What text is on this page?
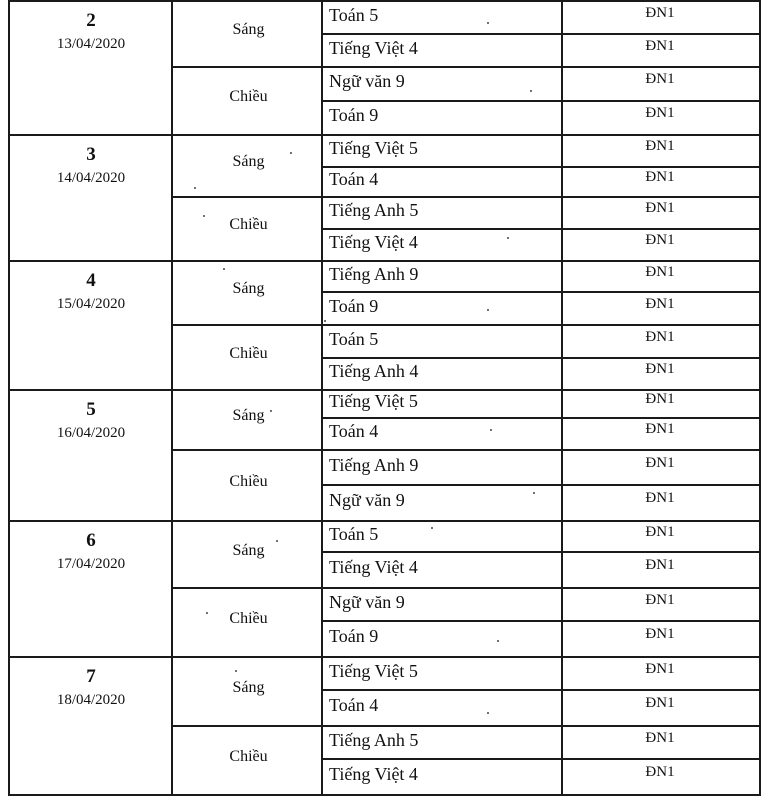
2
13/04/2020
Sáng
Toán 5	ĐN1
Tiếng Việt 4	ĐN1
Chiều
Ngữ văn 9	ĐN1
Toán 9	ĐN1
3
14/04/2020
Sáng
Tiếng Việt 5	ĐN1
Toán 4	ĐN1
Chiều
Tiếng Anh 5	ĐN1
Tiếng Việt 4	ĐN1
4
15/04/2020
Sáng
Tiếng Anh 9	ĐN1
Toán 9	ĐN1
Chiều
Toán 5	ĐN1
Tiếng Anh 4	ĐN1
5
16/04/2020
Sáng
Tiếng Việt 5	ĐN1
Toán 4	ĐN1
Chiều
Tiếng Anh 9	ĐN1
Ngữ văn 9	ĐN1
6
17/04/2020
Sáng
Toán 5	ĐN1
Tiếng Việt 4	ĐN1
Chiều
Ngữ văn 9	ĐN1
Toán 9	ĐN1
7
18/04/2020
Sáng
Tiếng Việt 5	ĐN1
Toán 4	ĐN1
Chiều
Tiếng Anh 5	ĐN1
Tiếng Việt 4	ĐN1
